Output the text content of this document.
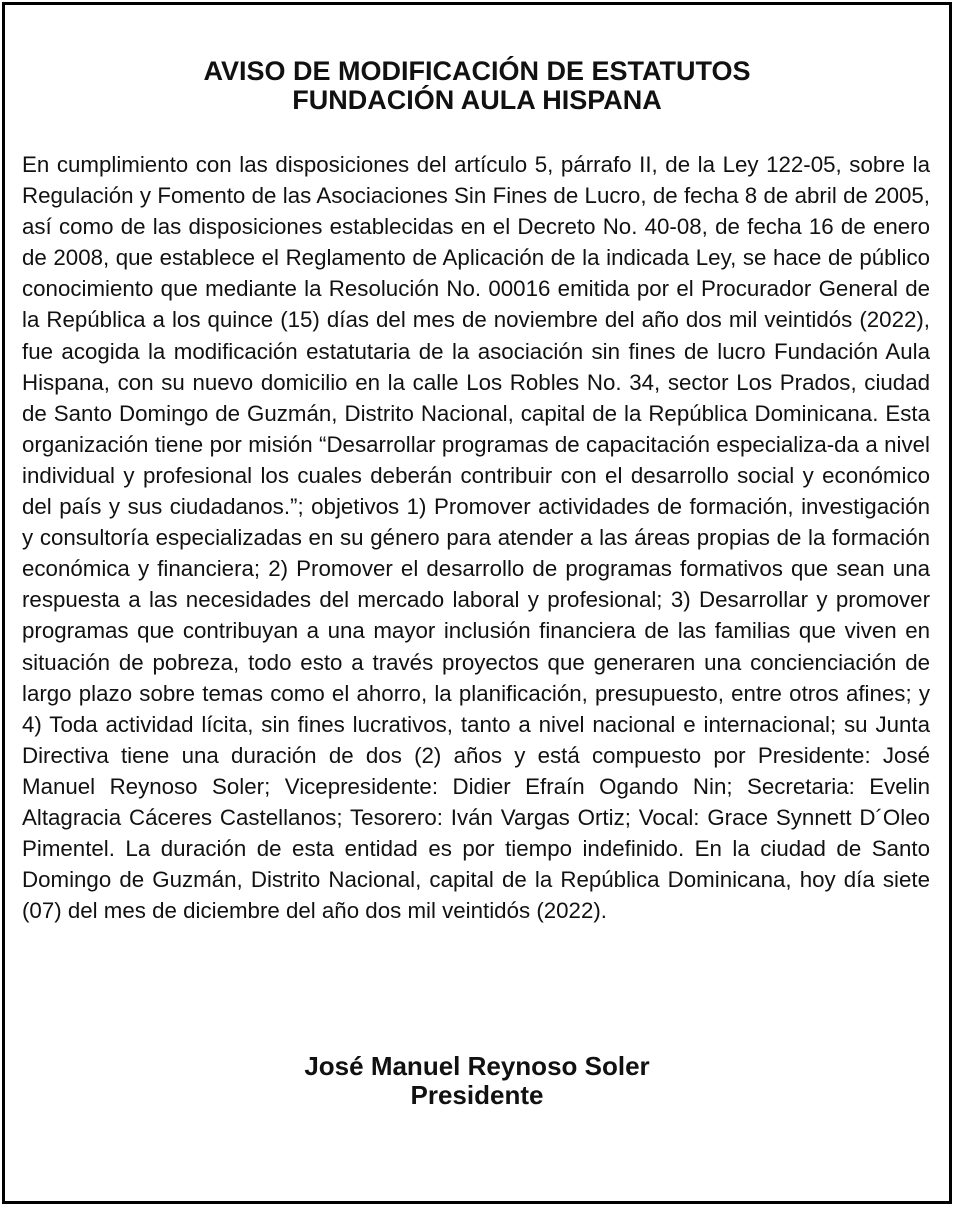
AVISO DE MODIFICACIÓN DE ESTATUTOS
FUNDACIÓN AULA HISPANA

En cumplimiento con las disposiciones del artículo 5, párrafo II, de la Ley 122-05, sobre la Regulación y Fomento de las Asociaciones Sin Fines de Lucro, de fecha 8 de abril de 2005, así como de las disposiciones establecidas en el Decreto No. 40-08, de fecha 16 de enero de 2008, que establece el Reglamento de Aplicación de la indicada Ley, se hace de público conocimiento que mediante la Resolución No. 00016 emitida por el Procurador General de la República a los quince (15) días del mes de noviembre del año dos mil veintidós (2022), fue acogida la modificación estatutaria de la asociación sin fines de lucro Fundación Aula Hispana, con su nuevo domicilio en la calle Los Robles No. 34, sector Los Prados, ciudad de Santo Domingo de Guzmán, Distrito Nacional, capital de la República Dominicana. Esta organización tiene por misión “Desarrollar programas de capacitación especializa-da a nivel individual y profesional los cuales deberán contribuir con el desarrollo social y económico del país y sus ciudadanos.”; objetivos 1) Promover actividades de formación, investigación y consultoría especializadas en su género para atender a las áreas propias de la formación económica y financiera; 2) Promover el desarrollo de programas formativos que sean una respuesta a las necesidades del mercado laboral y profesional; 3) Desarrollar y promover programas que contribuyan a una mayor inclusión financiera de las familias que viven en situación de pobreza, todo esto a través proyectos que generaren una concienciación de largo plazo sobre temas como el ahorro, la planificación, presupuesto, entre otros afines; y 4) Toda actividad lícita, sin fines lucrativos, tanto a nivel nacional e internacional; su Junta Directiva tiene una duración de dos (2) años y está compuesto por Presidente: José Manuel Reynoso Soler; Vicepresidente: Didier Efraín Ogando Nin; Secretaria: Evelin Altagracia Cáceres Castellanos; Tesorero: Iván Vargas Ortiz; Vocal: Grace Synnett D´Oleo Pimentel. La duración de esta entidad es por tiempo indefinido. En la ciudad de Santo Domingo de Guzmán, Distrito Nacional, capital de la República Dominicana, hoy día siete (07) del mes de diciembre del año dos mil veintidós (2022).

José Manuel Reynoso Soler
Presidente
